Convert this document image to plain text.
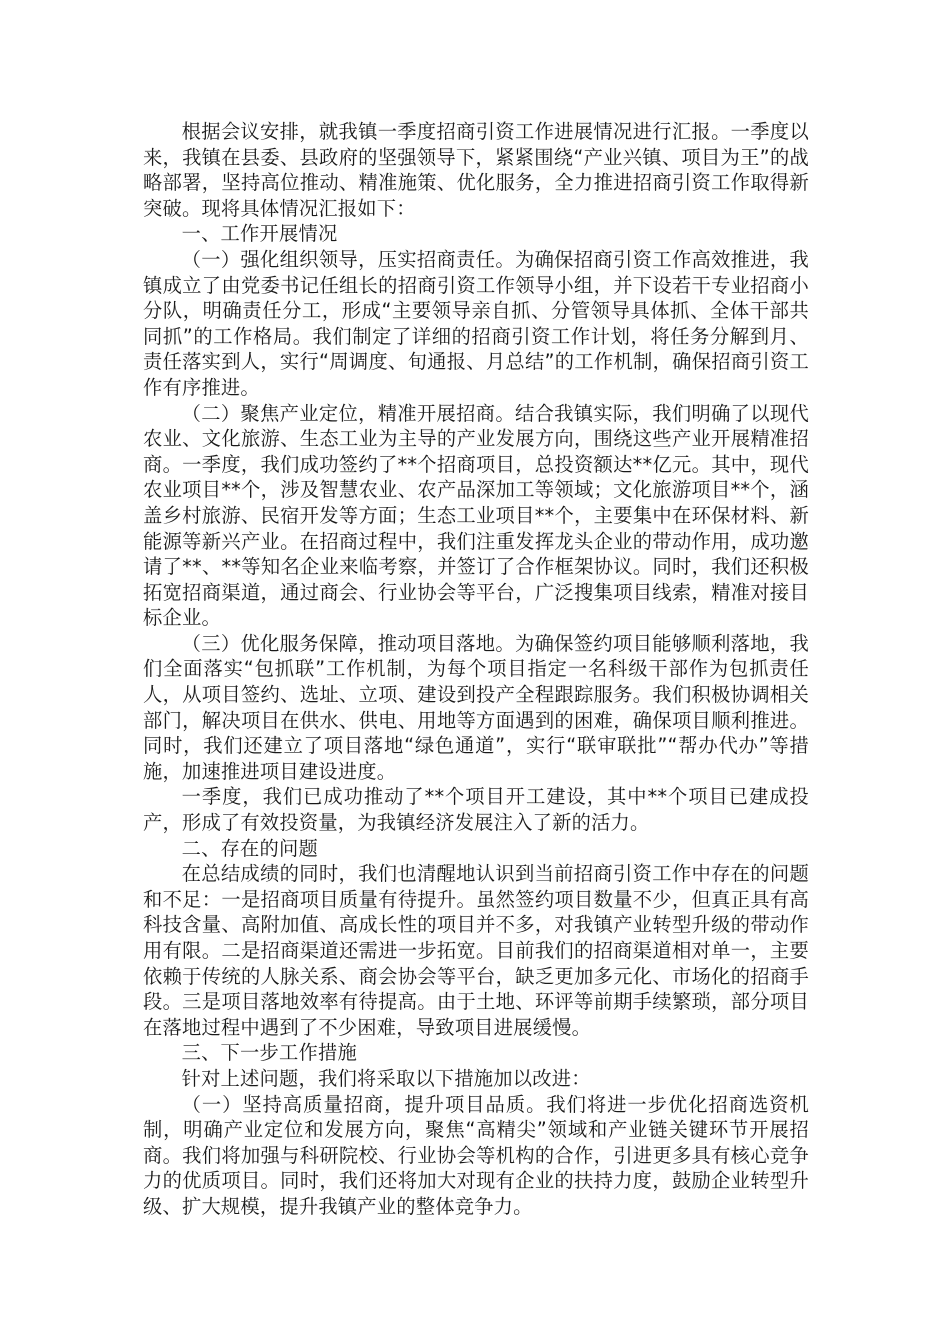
根据会议安排，就我镇一季度招商引资工作进展情况进行汇报。一季度以来，我镇在县委、县政府的坚强领导下，紧紧围绕“产业兴镇、项目为王”的战略部署，坚持高位推动、精准施策、优化服务，全力推进招商引资工作取得新突破。现将具体情况汇报如下：

一、工作开展情况

（一）强化组织领导，压实招商责任。为确保招商引资工作高效推进，我镇成立了由党委书记任组长的招商引资工作领导小组，并下设若干专业招商小分队，明确责任分工，形成“主要领导亲自抓、分管领导具体抓、全体干部共同抓”的工作格局。我们制定了详细的招商引资工作计划，将任务分解到月、责任落实到人，实行“周调度、旬通报、月总结”的工作机制，确保招商引资工作有序推进。

（二）聚焦产业定位，精准开展招商。结合我镇实际，我们明确了以现代农业、文化旅游、生态工业为主导的产业发展方向，围绕这些产业开展精准招商。一季度，我们成功签约了**个招商项目，总投资额达**亿元。其中，现代农业项目**个，涉及智慧农业、农产品深加工等领域；文化旅游项目**个，涵盖乡村旅游、民宿开发等方面；生态工业项目**个，主要集中在环保材料、新能源等新兴产业。在招商过程中，我们注重发挥龙头企业的带动作用，成功邀请了**、**等知名企业来临考察，并签订了合作框架协议。同时，我们还积极拓宽招商渠道，通过商会、行业协会等平台，广泛搜集项目线索，精准对接目标企业。

（三）优化服务保障，推动项目落地。为确保签约项目能够顺利落地，我们全面落实“包抓联”工作机制，为每个项目指定一名科级干部作为包抓责任人，从项目签约、选址、立项、建设到投产全程跟踪服务。我们积极协调相关部门，解决项目在供水、供电、用地等方面遇到的困难，确保项目顺利推进。同时，我们还建立了项目落地“绿色通道”，实行“联审联批”“帮办代办”等措施，加速推进项目建设进度。

一季度，我们已成功推动了**个项目开工建设，其中**个项目已建成投产，形成了有效投资量，为我镇经济发展注入了新的活力。

二、存在的问题

在总结成绩的同时，我们也清醒地认识到当前招商引资工作中存在的问题和不足：一是招商项目质量有待提升。虽然签约项目数量不少，但真正具有高科技含量、高附加值、高成长性的项目并不多，对我镇产业转型升级的带动作用有限。二是招商渠道还需进一步拓宽。目前我们的招商渠道相对单一，主要依赖于传统的人脉关系、商会协会等平台，缺乏更加多元化、市场化的招商手段。三是项目落地效率有待提高。由于土地、环评等前期手续繁琐，部分项目在落地过程中遇到了不少困难，导致项目进展缓慢。

三、下一步工作措施

针对上述问题，我们将采取以下措施加以改进：

（一）坚持高质量招商，提升项目品质。我们将进一步优化招商选资机制，明确产业定位和发展方向，聚焦“高精尖”领域和产业链关键环节开展招商。我们将加强与科研院校、行业协会等机构的合作，引进更多具有核心竞争力的优质项目。同时，我们还将加大对现有企业的扶持力度，鼓励企业转型升级、扩大规模，提升我镇产业的整体竞争力。
